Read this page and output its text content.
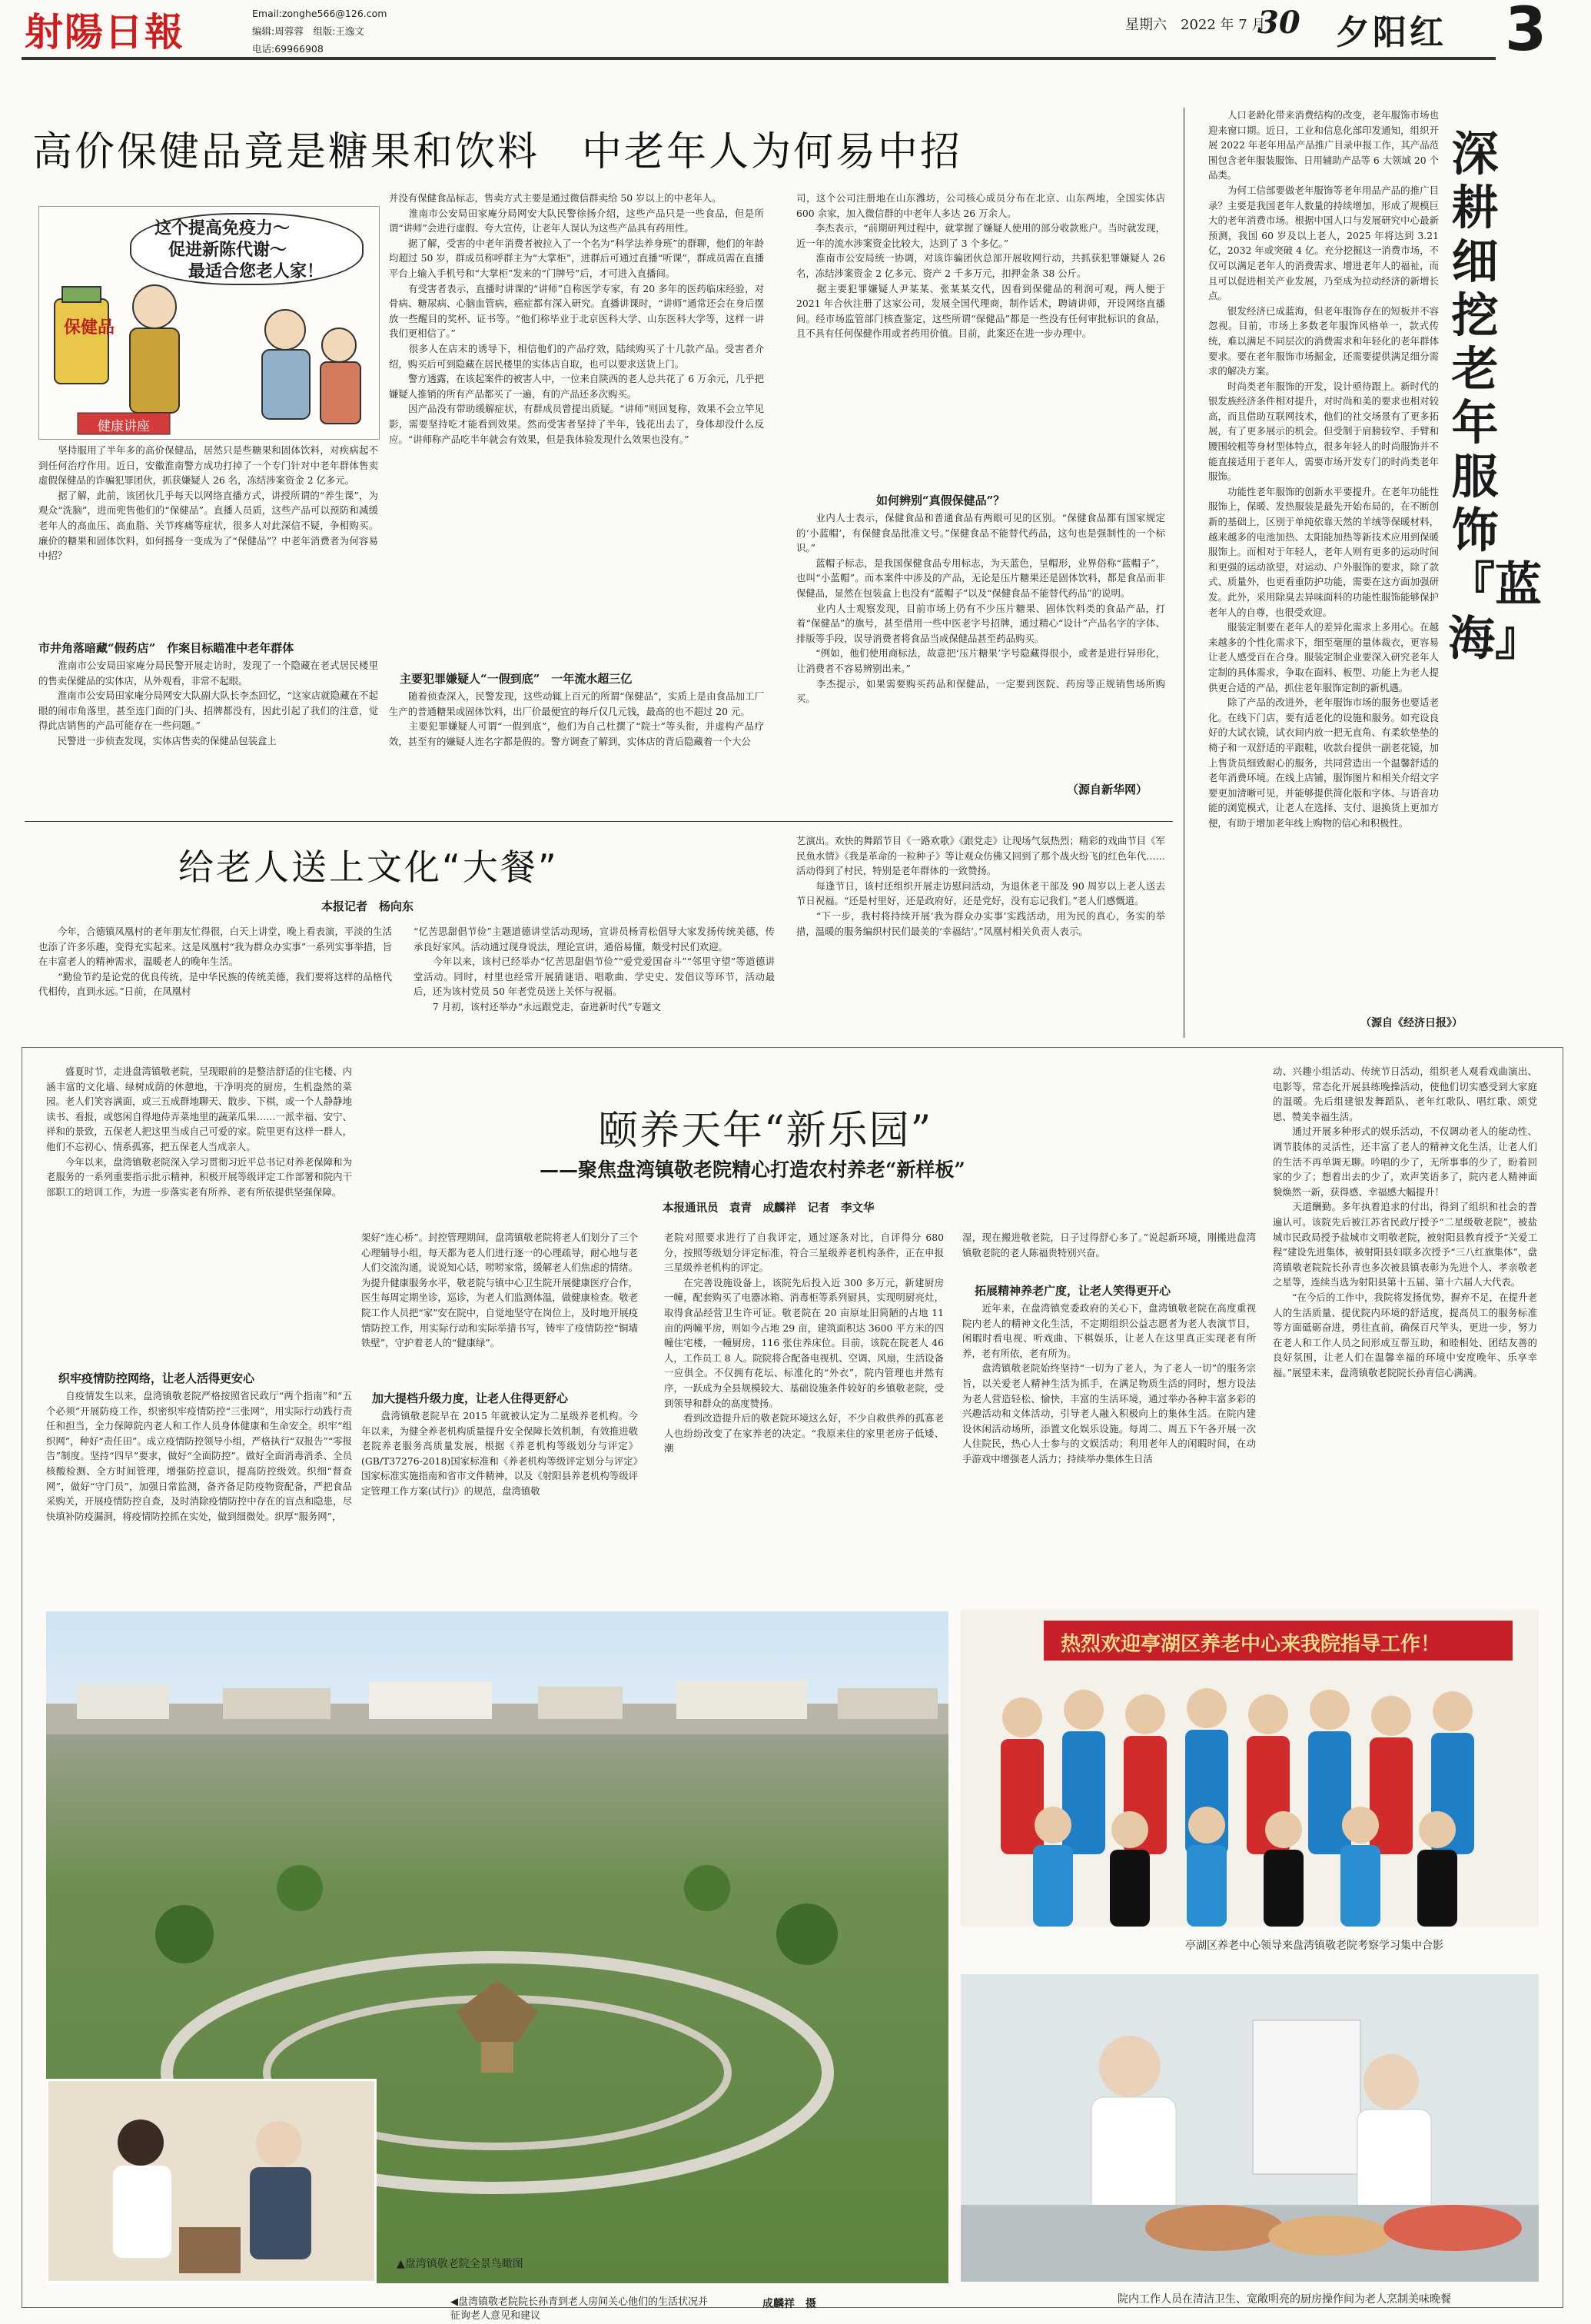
射陽日報	Email:zonghe566@126.com
编辑:周蓉蓉　组版:王逸文
电话:69966908
星期六　2022 年 7 月
30 夕阳红 3
高价保健品竟是糖果和饮料　中老年人为何易中招
这个提高免疫力～
促进新陈代谢～
最适合您老人家！
保健品
健康讲座
　　坚持服用了半年多的高价保健品，居然只是些糖果和固体饮料，对疾病起不到任何治疗作用。近日，安徽淮南警方成功打掉了一个专门针对中老年群体售卖虚假保健品的诈骗犯罪团伙，抓获嫌疑人 26 名，冻结涉案资金 2 亿多元。
　　据了解，此前，该团伙几乎每天以网络直播方式，讲授所谓的“养生课”，为观众“洗脑”，进而兜售他们的“保健品”。直播人员质，这些产品可以预防和减缓老年人的高血压、高血脂、关节疼痛等症状，很多人对此深信不疑，争相购买。廉价的糖果和固体饮料，如何摇身一变成为了“保健品”？中老年消费者为何容易中招？
市井角落暗藏“假药店”　作案目标瞄准中老年群体
　　淮南市公安局田家庵分局民警开展走访时，发现了一个隐藏在老式居民楼里的售卖保健品的实体店，从外观看，非常不起眼。
　　淮南市公安局田家庵分局网安大队副大队长李杰回忆，“这家店就隐藏在不起眼的闹市角落里，甚至连门面的门头、招牌都没有，因此引起了我们的注意，觉得此店销售的产品可能存在一些问题。”
　　民警进一步侦查发现，实体店售卖的保健品包装盒上
并没有保健食品标志，售卖方式主要是通过微信群卖给 50 岁以上的中老年人。
　　淮南市公安局田家庵分局网安大队民警徐扬介绍，这些产品只是一些食品，但是所谓“讲师”会进行虚假、夸大宣传，让老年人误认为这些产品具有药用性。
　　据了解，受害的中老年消费者被拉入了一个名为“科学法养身班”的群聊，他们的年龄均超过 50 岁，群成员称呼群主为“大掌柜”，进群后可通过直播“听课”，群成员需在直播平台上输入手机号和“大掌柜”发来的“门牌号”后，才可进入直播间。
　　有受害者表示，直播时讲课的“讲师”自称医学专家，有 20 多年的医药临床经验，对骨病、糖尿病、心脑血管病，癌症都有深入研究。直播讲课时，“讲师”通常还会在身后摆放一些醒目的奖杯、证书等。“他们称毕业于北京医科大学、山东医科大学等，这样一讲我们更相信了。”
　　很多人在店末的诱导下，相信他们的产品疗效，陆续购买了十几款产品。受害者介绍，购买后可到隐藏在居民楼里的实体店自取，也可以要求送货上门。
　　警方透露，在该起案件的被害人中，一位来自陕西的老人总共花了 6 万余元，几乎把嫌疑人推销的所有产品都买了一遍，有的产品还多次购买。
　　因产品没有带助缓解症状，有群成员曾提出质疑。“讲师”则回复称，效果不会立竿见影，需要坚持吃才能看到效果。然而受害者坚持了半年，钱花出去了，身体却没什么反应。“讲师称产品吃半年就会有效果，但是我体验发现什么效果也没有。”
主要犯罪嫌疑人“一假到底”　一年流水超三亿
　　随着侦查深入，民警发现，这些动辄上百元的所谓“保健品”，实质上是由食品加工厂生产的普通糖果或固体饮料，出厂价最便宜的每斤仅几元钱，最高的也不超过 20 元。
　　主要犯罪嫌疑人可谓“一假到底”，他们为自己杜撰了“院士”等头衔，并虚构产品疗效，甚至有的嫌疑人连名字都是假的。警方调查了解到，实体店的背后隐藏着一个大公
司，这个公司注册地在山东潍坊，公司核心成员分布在北京、山东两地，全国实体店 600 余家，加入微信群的中老年人多达 26 万余人。
　　李杰表示，“前期研判过程中，就掌握了嫌疑人使用的部分收款账户。当时就发现，近一年的流水涉案资金比较大，达到了 3 个多亿。”
　　淮南市公安局统一协调，对该诈骗团伙总部开展收网行动，共抓获犯罪嫌疑人 26 名，冻结涉案资金 2 亿多元、资产 2 千多万元，扣押金条 38 公斤。
　　据主要犯罪嫌疑人尹某某、张某某交代，因看到保健品的利润可观，两人便于 2021 年合伙注册了这家公司，发展全国代理商，制作话术，聘请讲师，开设网络直播间。经市场监管部门核查鉴定，这些所谓“保健品”都是一些没有任何审批标识的食品，且不具有任何保健作用或者药用价值。目前，此案还在进一步办理中。
如何辨别“真假保健品”？
　　业内人士表示，保健食品和普通食品有两眼可见的区别。“保健食品都有国家规定的‘小蓝帽’，有保健食品批准文号。”保健食品不能替代药品，这句也是强制性的一个标识。”
　　蓝帽子标志，是我国保健食品专用标志，为天蓝色，呈帽形，业界俗称“蓝帽子”，也叫“小蓝帽”。而本案件中涉及的产品，无论是压片糖果还是固体饮料，都是食品而非保健品，显然在包装盒上也没有“蓝帽子”以及“保健食品不能替代药品”的说明。
　　业内人士观察发现，目前市场上仍有不少压片糖果、固体饮料类的食品产品，打着“保健品”的旗号，甚至借用一些中医老字号招牌，通过精心“设计”产品名字的字体、排版等手段，误导消费者将食品当成保健品甚至药品购买。
　　“例如，他们使用商标法，故意把‘压片糖果’字号隐藏得很小，或者是进行异形化，让消费者不容易辨别出来。”
　　李杰提示，如果需要购买药品和保健品，一定要到医院、药房等正规销售场所购买。
（源自新华网）
给老人送上文化“大餐”
本报记者　杨向东
　　今年，合德镇凤凰村的老年朋友忙得很，白天上讲堂，晚上看表演，平淡的生活也添了许多乐趣，变得充实起来。这是凤凰村“我为群众办实事”一系列实事举措，旨在丰富老人的精神需求，温暖老人的晚年生活。
　　“勤俭节约是论党的优良传统，是中华民族的传统美德，我们要将这样的品格代代相传，直到永远。”日前，在凤凰村
“忆苦思甜倡节俭”主题道德讲堂活动现场，宣讲员杨青松倡导大家发扬传统美德，传承良好家风。活动通过现身说法，理论宣讲，通俗易懂，颇受村民们欢迎。
　　今年以来，该村已经举办“忆苦思甜倡节俭”“爱党爱国奋斗”“邻里守望”等道德讲堂活动。同时，村里也经常开展猜谜语、唱歌曲、学史史、发倡议等环节，活动最后，还为该村党员 50 年老党员送上关怀与祝福。
　　7 月初，该村还举办“永远跟党走，奋进新时代”专题文
艺演出。欢快的舞蹈节目《一路欢歌》《跟党走》让现场气氛热烈；精彩的戏曲节目《军民鱼水情》《我是革命的一粒种子》等让观众仿佛又回到了那个战火纷飞的红色年代……活动得到了村民，特别是老年群体的一致赞扬。
　　每逢节日，该村还组织开展走访慰问活动，为退休老干部及 90 周岁以上老人送去节日祝福。“还是村里好，还是政府好，还是党好，没有忘记我们。”老人们感慨道。
　　“下一步，我村将持续开展‘我为群众办实事’实践活动，用为民的真心，务实的举措，温暖的服务编织村民们最美的‘幸福结’。”凤凰村相关负责人表示。
　　人口老龄化带来消费结构的改变，老年服饰市场也迎来窗口期。近日，工业和信息化部印发通知，组织开展 2022 年老年用品产品推广目录申报工作，其产品范围包含老年服装服饰、日用辅助产品等 6 大领域 20 个品类。
　　为何工信部要做老年服饰等老年用品产品的推广目录？主要是我国老年人数量的持续增加，形成了规模巨大的老年消费市场。根据中国人口与发展研究中心最新预测，我国 60 岁及以上老人，2025 年将达到 3.21 亿，2032 年或突破 4 亿。充分挖掘这一消费市场，不仅可以满足老年人的消费需求、增进老年人的福祉，而且可以促进相关产业发展，乃至成为拉动经济的新增长点。
　　银发经济已成蓝海，但老年服饰存在的短板并不容忽视。目前，市场上多数老年服饰风格单一，款式传统，难以满足不同层次的消费需求和年轻化的老年群体要求。要在老年服饰市场掘金，还需要提供满足细分需求的解决方案。
　　时尚类老年服饰的开发，设计亟待跟上。新时代的银发族经济条件相对提升，对时尚和美的要求也相对较高，而且借助互联网技术，他们的社交场景有了更多拓展，有了更多展示的机会。但受制于肩膀较窄、手臂和腰围较粗等身材型体特点，很多年轻人的时尚服饰并不能直接适用于老年人，需要市场开发专门的时尚类老年服饰。
　　功能性老年服饰的创新水平要提升。在老年功能性服饰上，保暖、发热服装是最先开始布局的，在不断创新的基础上，区别于单纯依靠天然的羊绒等保暖材料，越来越多的电池加热、太阳能加热等新技术应用到保暖服饰上。而相对于年轻人，老年人则有更多的运动时间和更强的运动欲望，对运动、户外服饰的要求，除了款式、质量外，也更看重防护功能，需要在这方面加强研发。此外，采用除臭去异味面料的功能性服饰能够保护老年人的自尊，也很受欢迎。
　　服装定制要在老年人的差异化需求上多用心。在越来越多的个性化需求下，细至毫厘的量体裁衣，更容易让老人感受百在合身。服装定制企业要深入研究老年人定制的具体需求，争取在面料、板型、功能上为老人提供更合适的产品，抓住老年服饰定制的新机遇。
　　除了产品的改进外，老年服饰市场的服务也要适老化。在线下门店，要有适老化的设施和服务。如充设良好的大试衣镜，试衣间内放一把无直角、有柔软垫垫的椅子和一双舒适的平跟鞋，收款台提供一副老花镜，加上售货员细致耐心的服务，共同营造出一个温馨舒适的老年消费环境。在线上店铺，服饰图片和相关介绍文字要更加清晰可见，并能够提供简化版和字体、与语音功能的浏览模式，让老人在选择、支付、退换货上更加方便，有助于增加老年线上购物的信心和积极性。
深耕细挖老年服饰『蓝海』
（源自《经济日报》）
颐养天年“新乐园”
——聚焦盘湾镇敬老院精心打造农村养老“新样板”
本报通讯员　袁青　成麟祥　记者　李文华
　　盛夏时节，走进盘湾镇敬老院，呈现眼前的是整洁舒适的住宅楼、内涵丰富的文化墙、绿树成荫的休憩地，干净明亮的厨房，生机盎然的菜园。老人们笑容满面，或三五成群地聊天、散步、下棋，或一个人静静地读书、看报，或悠闲自得地侍弄菜地里的蔬菜瓜果……一派幸福、安宁、祥和的景致，五保老人把这里当成自己可爱的家。院里更有这样一群人，他们不忘初心、情系孤寡，把五保老人当成亲人。
　　今年以来，盘湾镇敬老院深入学习贯彻习近平总书记对养老保障和为老服务的一系列重要指示批示精神，积极开展等级评定工作部署和院内干部职工的培训工作，为进一步落实老有所养、老有所依提供坚强保障。
织牢疫情防控网络，让老人活得更安心
　　自疫情发生以来，盘湾镇敬老院严格按照省民政厅“两个指南”和“五个必须”开展防疫工作，织密织牢疫情防控“三张网”，用实际行动践行责任和担当，全力保障院内老人和工作人员身体健康和生命安全。织牢“组织网”，种好“责任田”。成立疫情防控领导小组，严格执行“双报告”“零报告”制度。坚持“四早”要求，做好“全面防控”。做好全面消毒消杀、全员核酸检测、全方时间管理，增强防控意识，提高防控级效。织细“督查网”，做好“守门员”，加强日常监测，备齐备足防疫物资配备，严把食品采购关，开展疫情防控自查，及时消除疫情防控中存在的盲点和隐患，尽快填补防疫漏洞，将疫情防控抓在实处，做到细微处。织厚“服务网”，
架好“连心桥”。封控管理期间，盘湾镇敬老院将老人们划分了三个心理辅导小组，每天都为老人们进行逐一的心理疏导，耐心地与老人们交流沟通，说说知心话，唠唠家常，缓解老人们焦虑的情绪。为提升健康服务水平，敬老院与镇中心卫生院开展健康医疗合作，医生每周定期坐诊，巡诊，为老人们监测体温，做健康检查。敬老院工作人员把“家”安在院中，自觉地坚守在岗位上，及时地开展疫情防控工作，用实际行动和实际举措书写，铸牢了疫情防控“铜墙铁壁”，守护着老人的“健康绿”。
加大提档升级力度，让老人住得更舒心
　　盘湾镇敬老院早在 2015 年就被认定为二星级养老机构。今年以来，为健全养老机构质量提升安全保障长效机制，有效推进敬老院养老服务高质量发展，根据《养老机构等级划分与评定》(GB/T37276-2018)国家标准和《养老机构等级评定划分与评定》国家标准实施指南和省市文件精神，以及《射阳县养老机构等级评定管理工作方案(试行)》的规范，盘湾镇敬
老院对照要求进行了自我评定，通过逐条对比，自评得分 680 分，按照等级划分评定标准，符合三星级养老机构条件，正在申报三星级养老机构的评定。
　　在完善设施设备上，该院先后投入近 300 多万元，新建厨房一幢，配套购买了电器冰箱、消毒柜等系列厨具，实现明厨亮灶，取得食品经营卫生许可证。敬老院在 20 亩原址旧简陋的占地 11 亩的两幢平房，则如今占地 29 亩，建筑面积达 3600 平方米的四幢住宅楼，一幢厨房，116 张住养床位。目前，该院在院老人 46 人，工作员工 8 人。院院将合配备电视机、空调、风扇，生活设备一应俱全。不仅拥有花坛、标准化的“外衣”，院内管理也并然有序，一跃成为全县规模较大、基础设施条件较好的乡镇敬老院，受到领导和群众的高度赞扬。
　　看到改造提升后的敬老院环境这么好，不少自救供养的孤寡老人也纷纷改变了在家养老的决定。“我原来住的家里老房子低矮、潮
湿，现在搬进敬老院，日子过得舒心多了。”说起新环境，刚搬进盘湾镇敬老院的老人陈福贵特别兴奋。
拓展精神养老广度，让老人笑得更开心
　　近年来，在盘湾镇党委政府的关心下，盘湾镇敬老院在高度重视院内老人的精神文化生活，不定期组织公益志愿者为老人表演节目，闲暇时看电视、听戏曲、下棋娱乐，让老人在这里真正实现老有所养，老有所依，老有所为。
　　盘湾镇敬老院始终坚持“一切为了老人，为了老人一切”的服务宗旨，以关爱老人精神生活为抓手，在满足物质生活的同时，想方设法为老人营造轻松、愉快，丰富的生活环境，通过举办各种丰富多彩的兴趣活动和文体活动，引导老人融入积极向上的集体生活。在院内建设休闲活动场所，添置文化娱乐设施。每周二、周五下午各开展一次人住院民，热心人士参与的文娱活动；利用老年人的闲暇时间，在动手游戏中增强老人活力；持续举办集体生日活
动、兴趣小组活动、传统节日活动，组织老人观看戏曲演出、电影等，常态化开展县练晚操活动，使他们切实感受到大家庭的温暖。先后组建银发舞蹈队、老年红歌队、唱红歌、颂党恩、赞美幸福生活。
　　通过开展多种形式的娱乐活动，不仅调动老人的能动性、调节肢体的灵活性，还丰富了老人的精神文化生活，让老人们的生活不再单调无聊。吟唱的少了，无所事事的少了，盼着回家的少了；想着出去的少了，欢声笑语多了，院内老人精神面貌焕然一新，获得感、幸福感大幅提升！
　　天道酬勤。多年执着追求的付出，得到了组织和社会的普遍认可。该院先后被江苏省民政厅授予“二星级敬老院”，被盐城市民政局授予盐城市文明敬老院，被射阳县教育授予“关爱工程”建设先进集体，被射阳县妇联多次授予“三八红旗集体”，盘湾镇敬老院院长孙青也多次被县镇表彰为先进个人、孝亲敬老之星等，连续当选为射阳县第十五届、第十六届人大代表。
　　“在今后的工作中，我院将发扬优势，摒弃不足，在提升老人的生活质量、提优院内环境的舒适度，提高员工的服务标准等方面砥砺奋进，勇往直前，确保百尺竿头，更进一步，努力在老人和工作人员之间形成互帮互助，和睦相处、团结友善的良好氛围，让老人们在温馨幸福的环境中安度晚年、乐享幸福。”展望未来，盘湾镇敬老院院长孙青信心满满。
▲盘湾镇敬老院全景鸟瞰图
◀盘湾镇敬老院院长孙青到老人房间关心他们的生活状况并征询老人意见和建议
成麟祥　摄
热烈欢迎亭湖区养老中心来我院指导工作！
亭湖区养老中心领导来盘湾镇敬老院考察学习集中合影
院内工作人员在清洁卫生、宽敞明亮的厨房操作间为老人烹制美味晚餐
